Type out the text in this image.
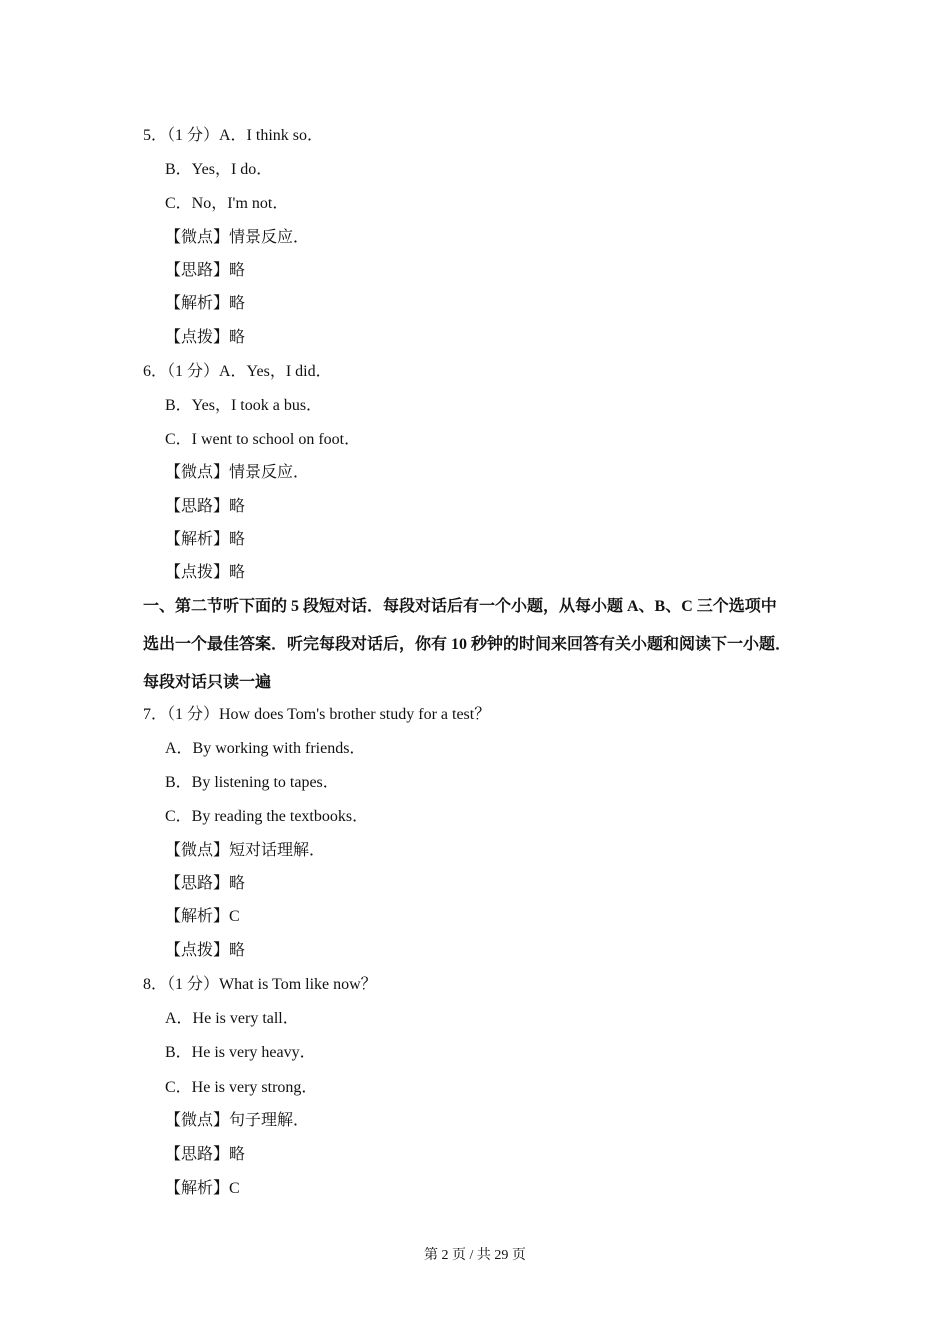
5．（1 分）A．I think so．
B．Yes，I do．
C．No，I'm not．
【微点】情景反应．
【思路】略
【解析】略
【点拨】略
6．（1 分）A．Yes，I did．
B．Yes，I took a bus．
C．I went to school on foot．
【微点】情景反应．
【思路】略
【解析】略
【点拨】略
一、第二节听下面的 5 段短对话．每段对话后有一个小题，从每小题 A、B、C 三个选项中
选出一个最佳答案．听完每段对话后，你有 10 秒钟的时间来回答有关小题和阅读下一小题．
每段对话只读一遍
7．（1 分）How does Tom's brother study for a test？
A．By working with friends．
B．By listening to tapes．
C．By reading the textbooks．
【微点】短对话理解．
【思路】略
【解析】C
【点拨】略
8．（1 分）What is Tom like now？
A．He is very tall．
B．He is very heavy．
C．He is very strong．
【微点】句子理解．
【思路】略
【解析】C
第 2 页 / 共 29 页
